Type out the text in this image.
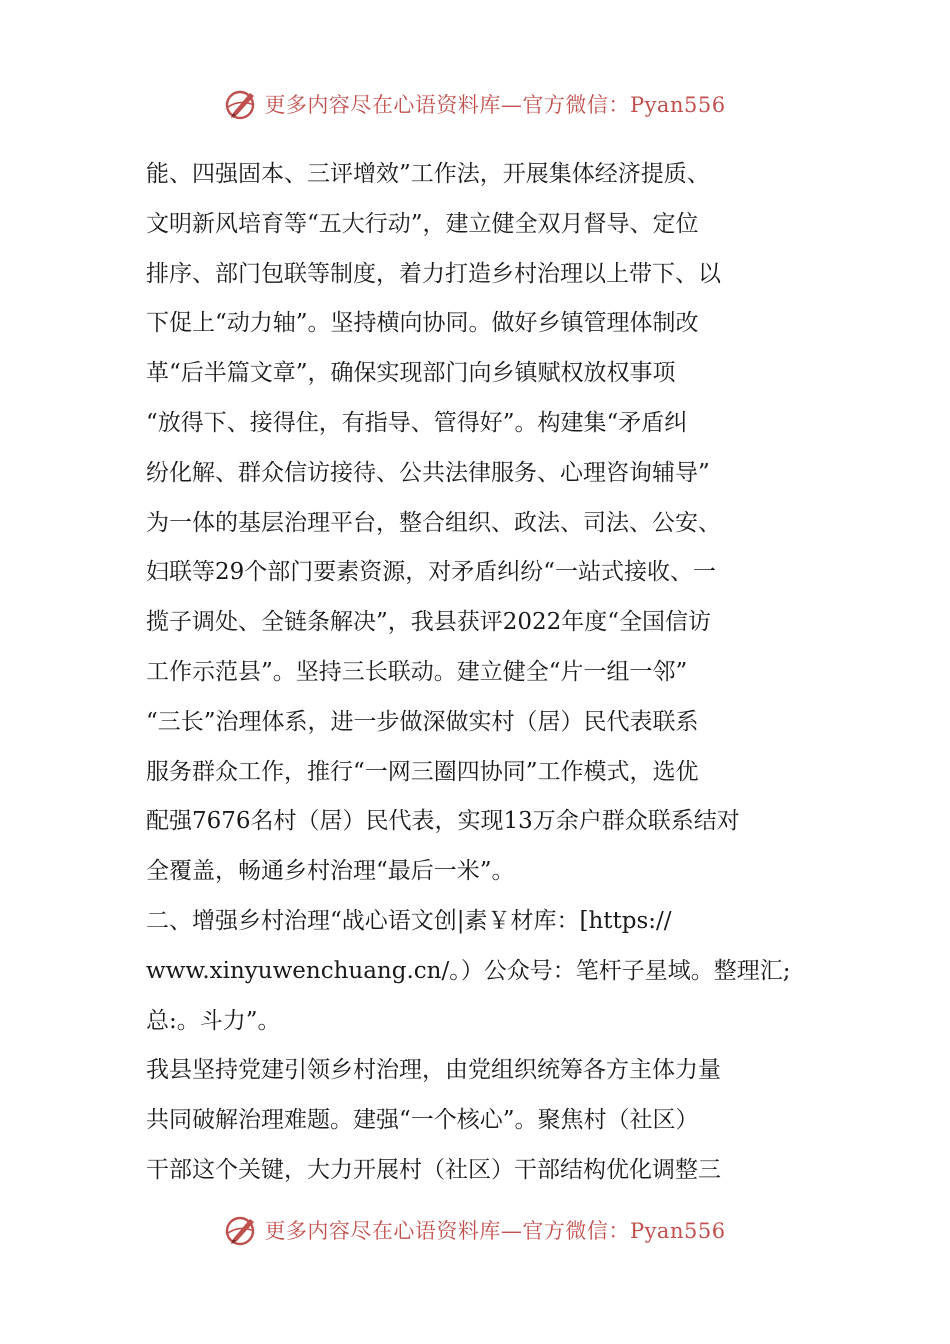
更多内容尽在心语资料库—官方微信：Pyan556
能、四强固本、三评增效”工作法，开展集体经济提质、
文明新风培育等“五大行动”，建立健全双月督导、定位
排序、部门包联等制度，着力打造乡村治理以上带下、以
下促上“动力轴”。坚持横向协同。做好乡镇管理体制改
革“后半篇文章”，确保实现部门向乡镇赋权放权事项
“放得下、接得住，有指导、管得好”。构建集“矛盾纠
纷化解、群众信访接待、公共法律服务、心理咨询辅导”
为一体的基层治理平台，整合组织、政法、司法、公安、
妇联等29个部门要素资源，对矛盾纠纷“一站式接收、一
揽子调处、全链条解决”，我县获评2022年度“全国信访
工作示范县”。坚持三长联动。建立健全“片一组一邻”
“三长”治理体系，进一步做深做实村（居）民代表联系
服务群众工作，推行“一网三圈四协同”工作模式，选优
配强7676名村（居）民代表，实现13万余户群众联系结对
全覆盖，畅通乡村治理“最后一米”。
二、增强乡村治理“战心语文创|素￥材库：[https://
www.xinyuwenchuang.cn/。）公众号：笔杆子星域。整理汇;
总:。斗力”。
我县坚持党建引领乡村治理，由党组织统筹各方主体力量
共同破解治理难题。建强“一个核心”。聚焦村（社区）
干部这个关键，大力开展村（社区）干部结构优化调整三
更多内容尽在心语资料库—官方微信：Pyan556
